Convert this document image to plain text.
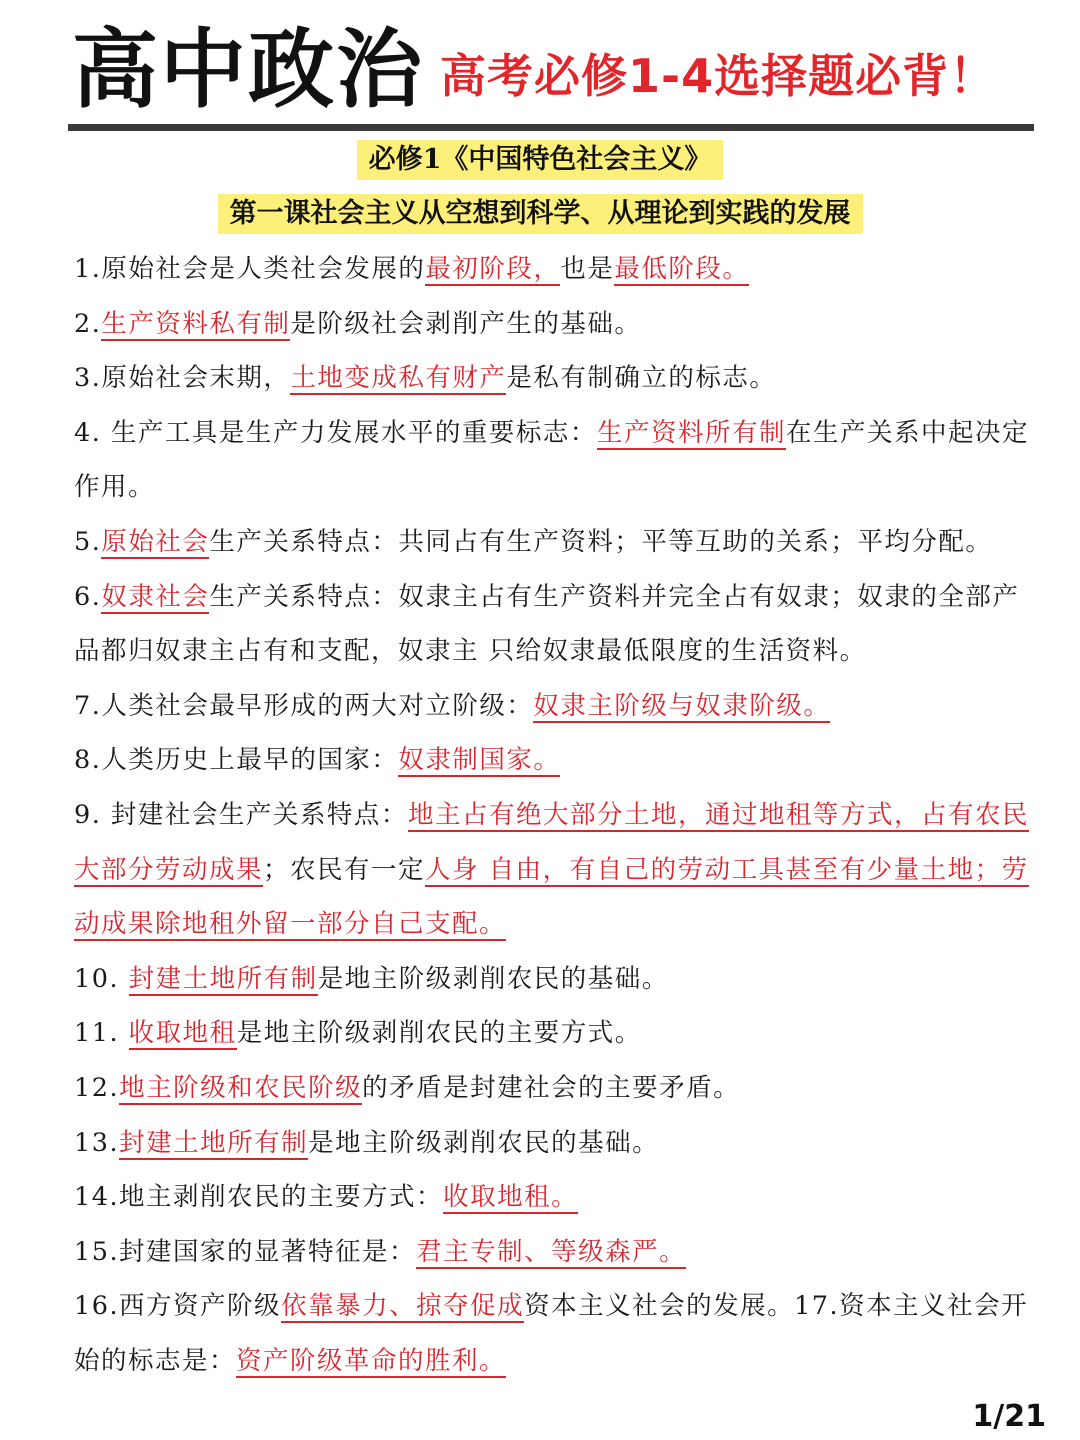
高中政治 高考必修1-4选择题必背！
必修1《中国特色社会主义》
第一课社会主义从空想到科学、从理论到实践的发展

1.原始社会是人类社会发展的最初阶段，也是最低阶段。

2.生产资料私有制是阶级社会剥削产生的基础。

3.原始社会末期，土地变成私有财产是私有制确立的标志。

4. 生产工具是生产力发展水平的重要标志：生产资料所有制在生产关系中起决定作用。

5.原始社会生产关系特点：共同占有生产资料；平等互助的关系；平均分配。

6.奴隶社会生产关系特点：奴隶主占有生产资料并完全占有奴隶；奴隶的全部产品都归奴隶主占有和支配，奴隶主 只给奴隶最低限度的生活资料。

7.人类社会最早形成的两大对立阶级：奴隶主阶级与奴隶阶级。

8.人类历史上最早的国家：奴隶制国家。

9. 封建社会生产关系特点：地主占有绝大部分土地，通过地租等方式，占有农民大部分劳动成果；农民有一定人身 自由，有自己的劳动工具甚至有少量土地；劳动成果除地租外留一部分自己支配。

10. 封建土地所有制是地主阶级剥削农民的基础。

11. 收取地租是地主阶级剥削农民的主要方式。

12.地主阶级和农民阶级的矛盾是封建社会的主要矛盾。

13.封建土地所有制是地主阶级剥削农民的基础。

14.地主剥削农民的主要方式：收取地租。

15.封建国家的显著特征是：君主专制、等级森严。

16.西方资产阶级依靠暴力、掠夺促成资本主义社会的发展。17.资本主义社会开始的标志是：资产阶级革命的胜利。

1/21
